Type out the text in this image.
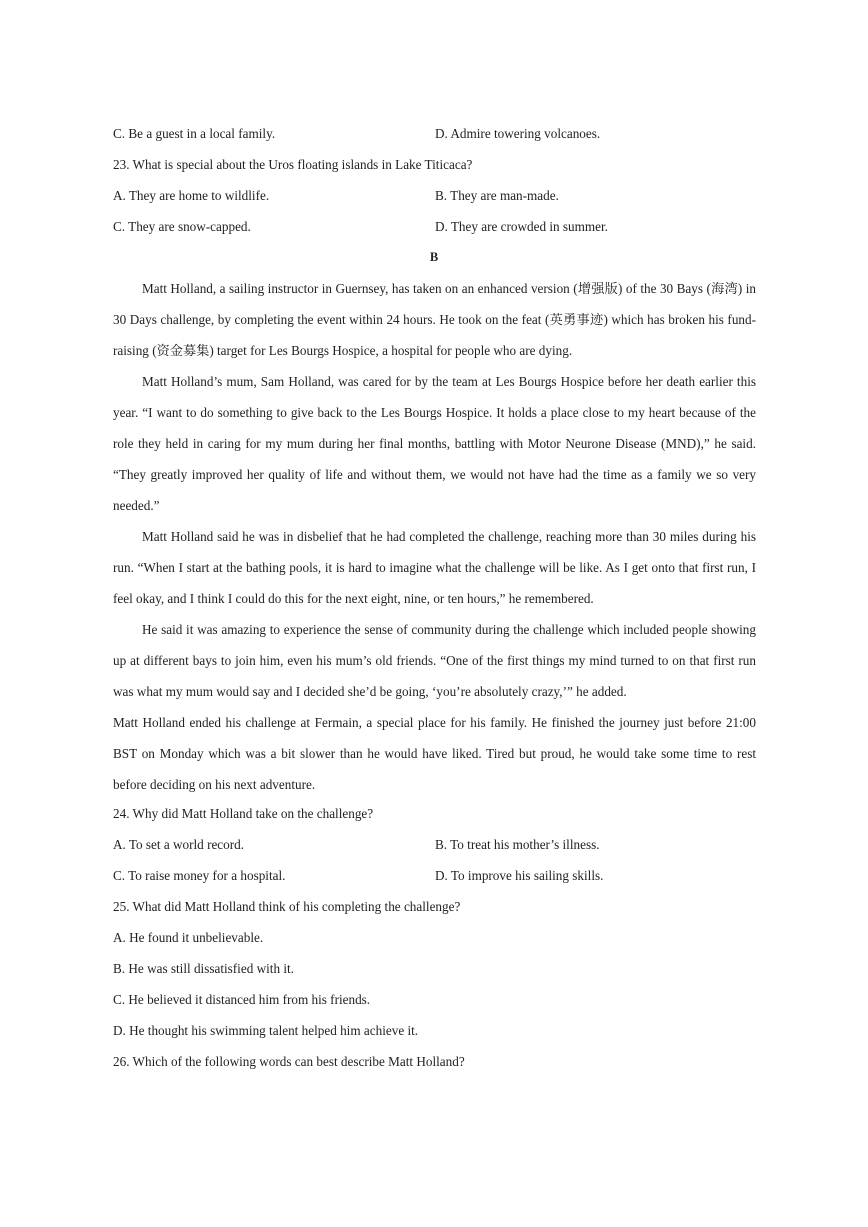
C. Be a guest in a local family.	D. Admire towering volcanoes.
23. What is special about the Uros floating islands in Lake Titicaca?
A. They are home to wildlife.	B. They are man-made.
C. They are snow-capped.	D. They are crowded in summer.
B
Matt Holland, a sailing instructor in Guernsey, has taken on an enhanced version (增强版) of the 30 Bays (海湾) in 30 Days challenge, by completing the event within 24 hours. He took on the feat (英勇事迹) which has broken his fund-raising (资金募集) target for Les Bourgs Hospice, a hospital for people who are dying.
Matt Holland’s mum, Sam Holland, was cared for by the team at Les Bourgs Hospice before her death earlier this year. “I want to do something to give back to the Les Bourgs Hospice. It holds a place close to my heart because of the role they held in caring for my mum during her final months, battling with Motor Neurone Disease (MND),” he said. “They greatly improved her quality of life and without them, we would not have had the time as a family we so very needed.”
Matt Holland said he was in disbelief that he had completed the challenge, reaching more than 30 miles during his run. “When I start at the bathing pools, it is hard to imagine what the challenge will be like. As I get onto that first run, I feel okay, and I think I could do this for the next eight, nine, or ten hours,” he remembered.
He said it was amazing to experience the sense of community during the challenge which included people showing up at different bays to join him, even his mum’s old friends. “One of the first things my mind turned to on that first run was what my mum would say and I decided she’d be going, ‘you’re absolutely crazy,’” he added.
Matt Holland ended his challenge at Fermain, a special place for his family. He finished the journey just before 21:00 BST on Monday which was a bit slower than he would have liked. Tired but proud, he would take some time to rest before deciding on his next adventure.
24. Why did Matt Holland take on the challenge?
A. To set a world record.	B. To treat his mother’s illness.
C. To raise money for a hospital.	D. To improve his sailing skills.
25. What did Matt Holland think of his completing the challenge?
A. He found it unbelievable.
B. He was still dissatisfied with it.
C. He believed it distanced him from his friends.
D. He thought his swimming talent helped him achieve it.
26. Which of the following words can best describe Matt Holland?
